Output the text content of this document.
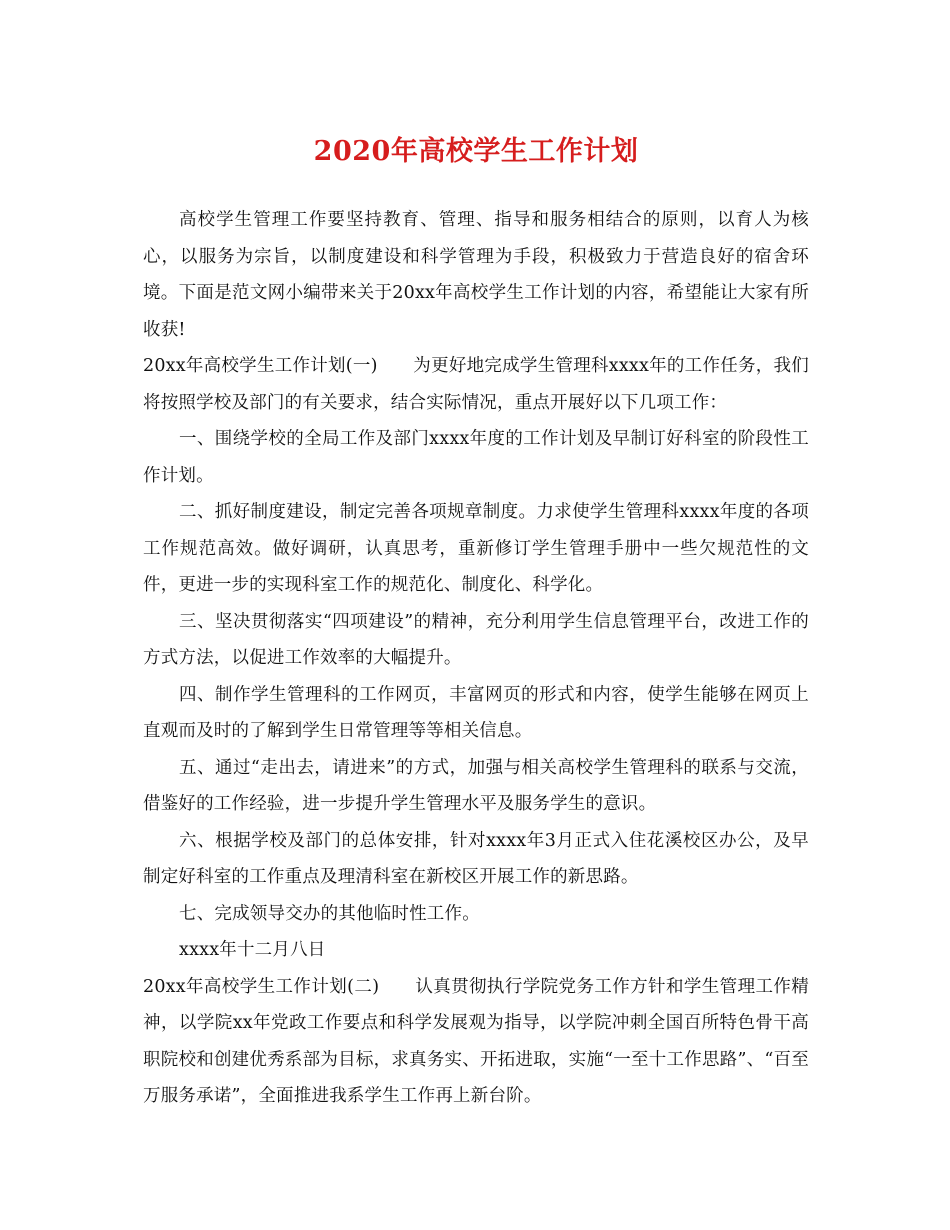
2020年高校学生工作计划

高校学生管理工作要坚持教育、管理、指导和服务相结合的原则，以育人为核心，以服务为宗旨，以制度建设和科学管理为手段，积极致力于营造良好的宿舍环境。下面是范文网小编带来关于20xx年高校学生工作计划的内容，希望能让大家有所收获!

20xx年高校学生工作计划(一)　　为更好地完成学生管理科xxxx年的工作任务，我们将按照学校及部门的有关要求，结合实际情况，重点开展好以下几项工作：

一、围绕学校的全局工作及部门xxxx年度的工作计划及早制订好科室的阶段性工作计划。

二、抓好制度建设，制定完善各项规章制度。力求使学生管理科xxxx年度的各项工作规范高效。做好调研，认真思考，重新修订学生管理手册中一些欠规范性的文件，更进一步的实现科室工作的规范化、制度化、科学化。

三、坚决贯彻落实“四项建设”的精神，充分利用学生信息管理平台，改进工作的方式方法，以促进工作效率的大幅提升。

四、制作学生管理科的工作网页，丰富网页的形式和内容，使学生能够在网页上直观而及时的了解到学生日常管理等等相关信息。

五、通过“走出去，请进来”的方式，加强与相关高校学生管理科的联系与交流，借鉴好的工作经验，进一步提升学生管理水平及服务学生的意识。

六、根据学校及部门的总体安排，针对xxxx年3月正式入住花溪校区办公，及早制定好科室的工作重点及理清科室在新校区开展工作的新思路。

七、完成领导交办的其他临时性工作。

xxxx年十二月八日

20xx年高校学生工作计划(二)　　认真贯彻执行学院党务工作方针和学生管理工作精神，以学院xx年党政工作要点和科学发展观为指导，以学院冲刺全国百所特色骨干高职院校和创建优秀系部为目标，求真务实、开拓进取，实施“一至十工作思路”、“百至万服务承诺”，全面推进我系学生工作再上新台阶。
